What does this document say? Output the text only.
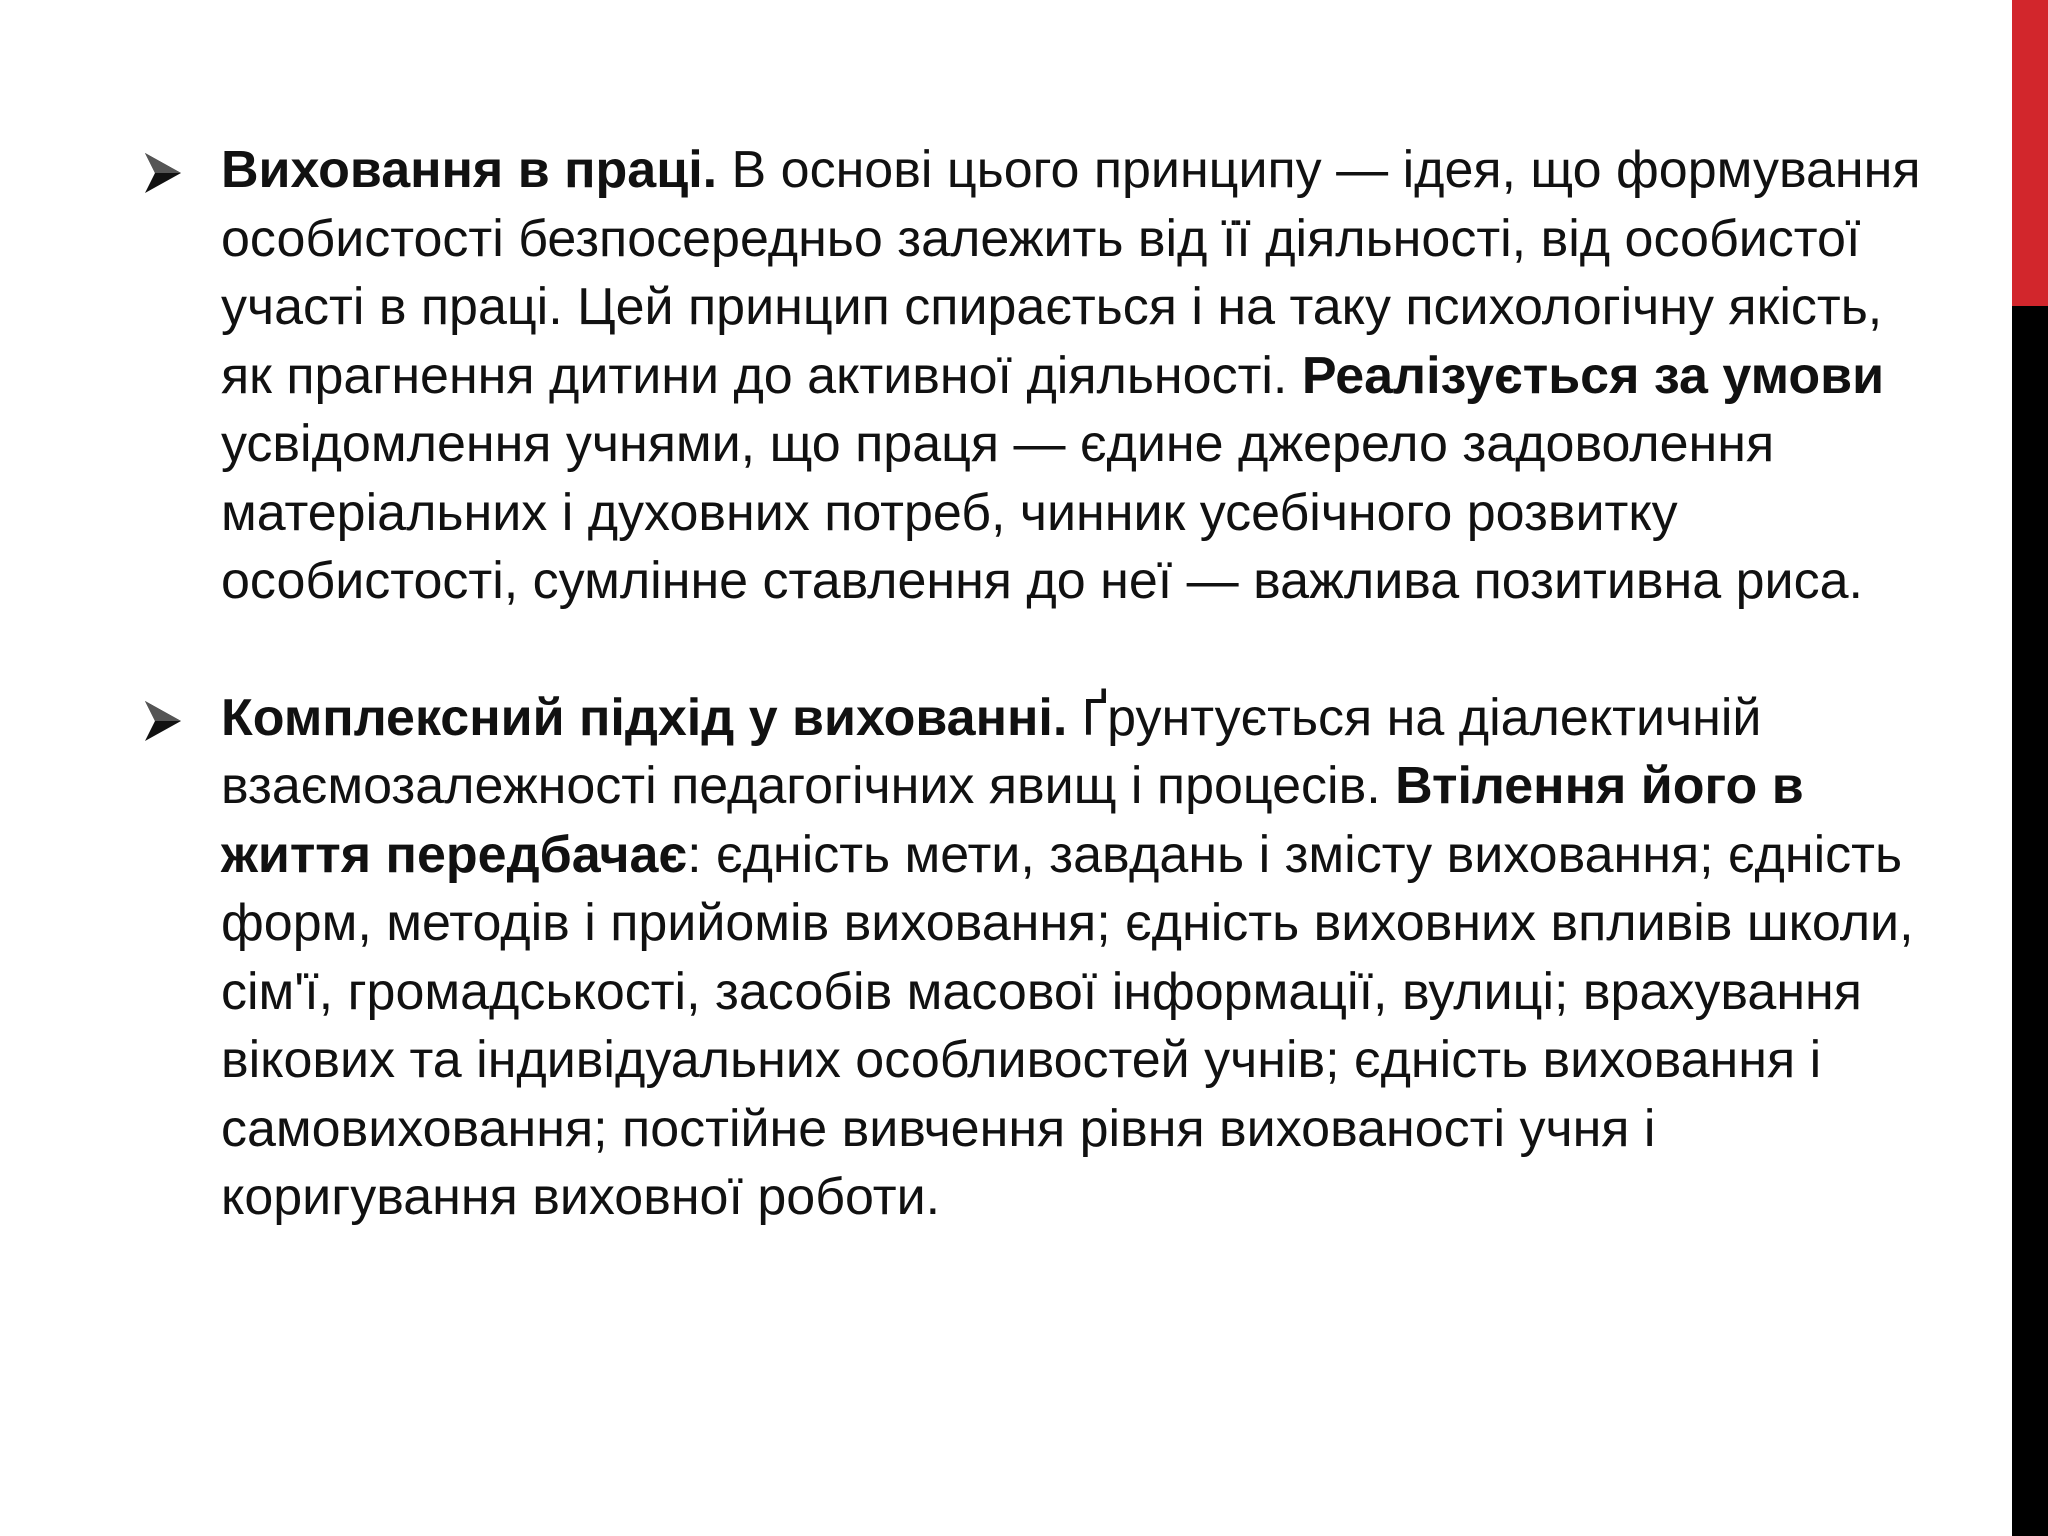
Виховання в праці. В основі цього принципу — ідея, що формування особистості безпосередньо залежить від її діяльності, від особистої участі в праці. Цей принцип спирається і на таку психологічну якість, як прагнення дитини до активної діяльності. Реалізується за умови усвідомлення учнями, що праця — єдине джерело задоволення матеріальних і духовних потреб, чинник усебічного розвитку особистості, сумлінне ставлення до неї — важлива позитивна риса.

Комплексний підхід у вихованні. Ґрунтується на діалектичній взаємозалежності педагогічних явищ і процесів. Втілення його в життя передбачає: єдність мети, завдань і змісту виховання; єдність форм, методів і прийомів виховання; єдність виховних впливів школи, сім'ї, громадськості, засобів масової інформації, вулиці; врахування вікових та індивідуальних особливостей учнів; єдність виховання і самовиховання; постійне вивчення рівня вихованості учня і коригування виховної роботи.
